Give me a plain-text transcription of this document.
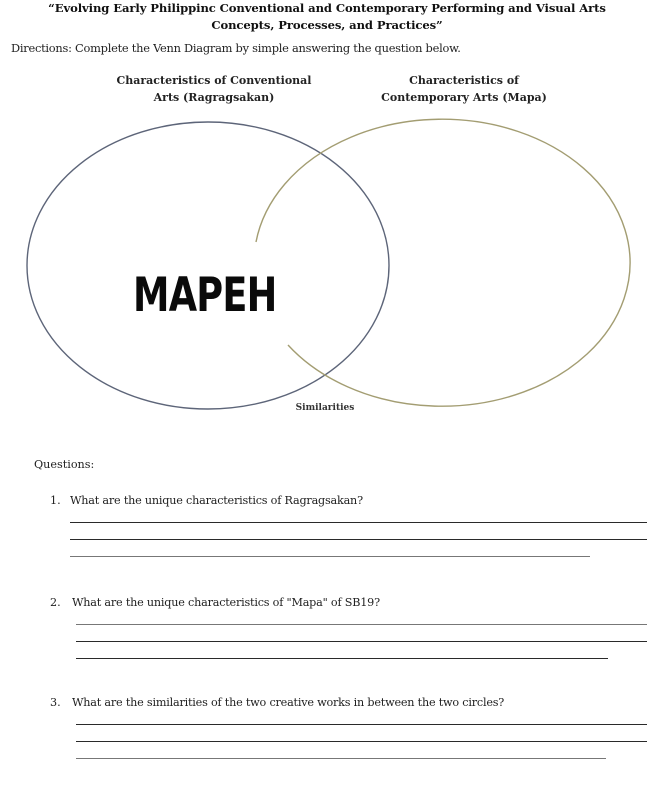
“Evolving Early Philippinc Conventional and Contemporary Performing and Visual Arts
Concepts, Processes, and Practices”
Directions: Complete the Venn Diagram by simple answering the question below.
Characteristics of Conventional
Arts (Ragragsakan)
Characteristics of
Contemporary Arts (Mapa)
MAPEH
Similarities
Questions:
1. What are the unique characteristics of Ragragsakan?
2. What are the unique characteristics of "Mapa" of SB19?
3. What are the similarities of the two creative works in between the two circles?
